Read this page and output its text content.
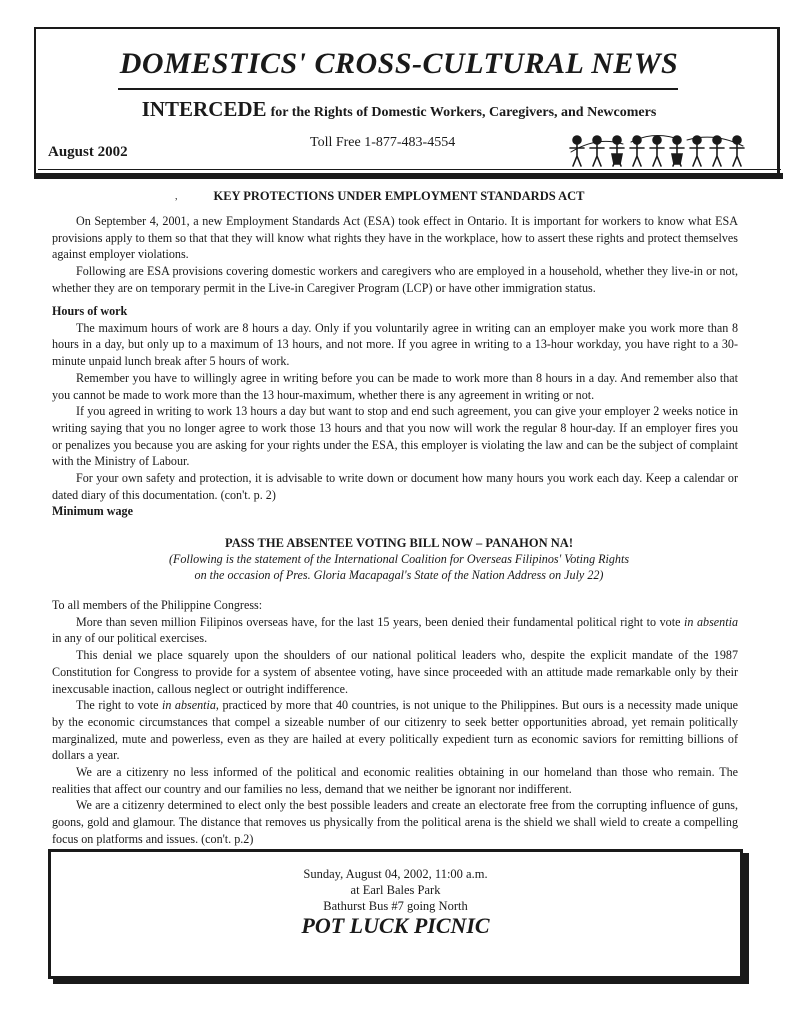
DOMESTICS' CROSS-CULTURAL NEWS
INTERCEDE for the Rights of Domestic Workers, Caregivers, and Newcomers
Toll Free 1-877-483-4554
August 2002
,	KEY PROTECTIONS UNDER EMPLOYMENT STANDARDS ACT

On September 4, 2001, a new Employment Standards Act (ESA) took effect in Ontario. It is important for workers to know what ESA provisions apply to them so that that they will know what rights they have in the workplace, how to assert these rights and protect themselves against employer violations.

Following are ESA provisions covering domestic workers and caregivers who are employed in a household, whether they live-in or not, whether they are on temporary permit in the Live-in Caregiver Program (LCP) or have other immigration status.

Hours of work

The maximum hours of work are 8 hours a day. Only if you voluntarily agree in writing can an employer make you work more than 8 hours in a day, but only up to a maximum of 13 hours, and not more. If you agree in writing to a 13-hour workday, you have right to a 30-minute unpaid lunch break after 5 hours of work.

Remember you have to willingly agree in writing before you can be made to work more than 8 hours in a day. And remember also that you cannot be made to work more than the 13 hour-maximum, whether there is any agreement in writing or not.

If you agreed in writing to work 13 hours a day but want to stop and end such agreement, you can give your employer 2 weeks notice in writing saying that you no longer agree to work those 13 hours and that you now will work the regular 8 hour-day. If an employer fires you or penalizes you because you are asking for your rights under the ESA, this employer is violating the law and can be the subject of complaint with the Ministry of Labour.

For your own safety and protection, it is advisable to write down or document how many hours you work each day. Keep a calendar or dated diary of this documentation. (con't. p. 2)

Minimum wage

PASS THE ABSENTEE VOTING BILL NOW – PANAHON NA!
(Following is the statement of the International Coalition for Overseas Filipinos' Voting Rights
on the occasion of Pres. Gloria Macapagal's State of the Nation Address on July 22)

To all members of the Philippine Congress:

More than seven million Filipinos overseas have, for the last 15 years, been denied their fundamental political right to vote in absentia in any of our political exercises.

This denial we place squarely upon the shoulders of our national political leaders who, despite the explicit mandate of the 1987 Constitution for Congress to provide for a system of absentee voting, have since proceeded with an attitude made remarkable only by their inexcusable inaction, callous neglect or outright indifference.

The right to vote in absentia, practiced by more that 40 countries, is not unique to the Philippines. But ours is a necessity made unique by the economic circumstances that compel a sizeable number of our citizenry to seek better opportunities abroad, yet remain politically marginalized, mute and powerless, even as they are hailed at every politically expedient turn as economic saviors for remitting billions of dollars a year.

We are a citizenry no less informed of the political and economic realities obtaining in our homeland than those who remain. The realities that affect our country and our families no less, demand that we neither be ignorant nor indifferent.

We are a citizenry determined to elect only the best possible leaders and create an electorate free from the corrupting influence of guns, goons, gold and glamour. The distance that removes us physically from the political arena is the shield we shall wield to create a compelling focus on platforms and issues. (con't. p.2)

Sunday, August 04, 2002, 11:00 a.m.
at Earl Bales Park
Bathurst Bus #7 going North
POT LUCK PICNIC
